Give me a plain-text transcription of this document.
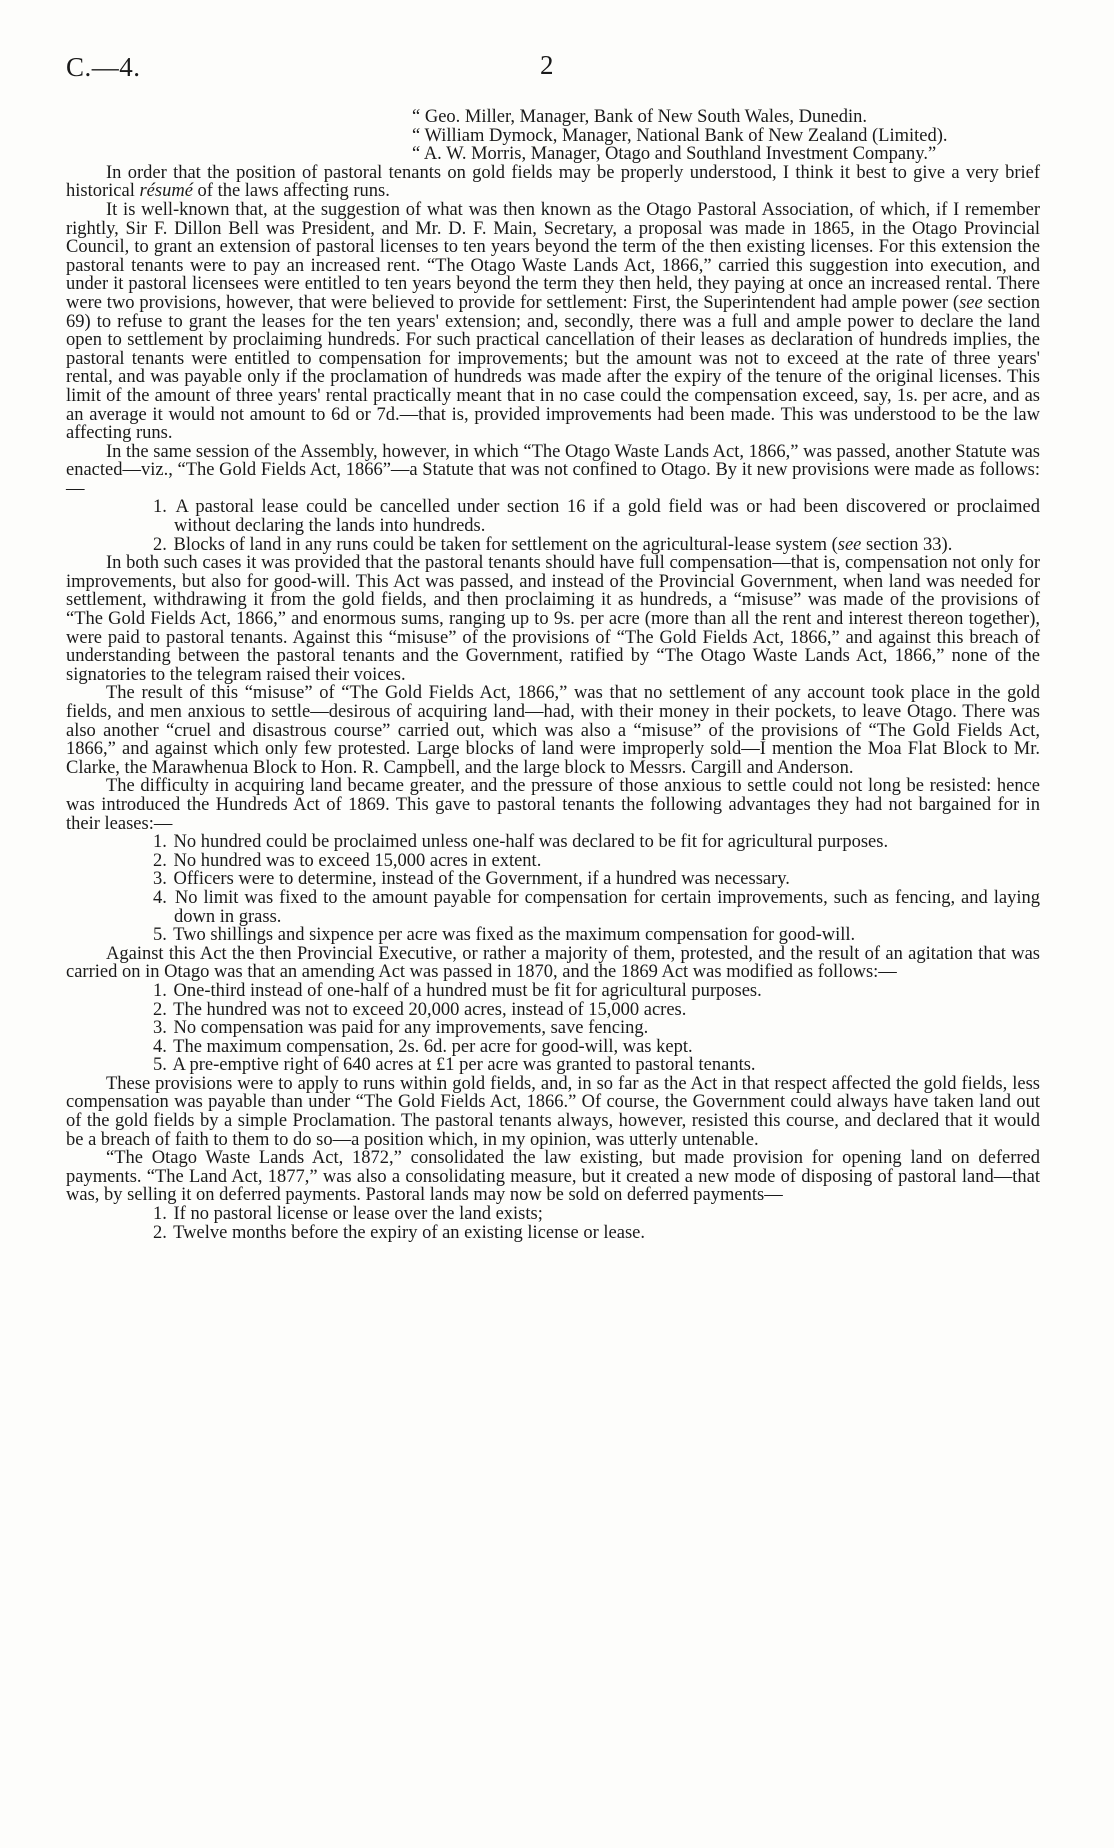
C.—4.	2

“ Geo. Miller, Manager, Bank of New South Wales, Dunedin.

“ William Dymock, Manager, National Bank of New Zealand (Limited).

“ A. W. Morris, Manager, Otago and Southland Investment Company.”

In order that the position of pastoral tenants on gold fields may be properly understood, I think it best to give a very brief historical résumé of the laws affecting runs.

It is well-known that, at the suggestion of what was then known as the Otago Pastoral Association, of which, if I remember rightly, Sir F. Dillon Bell was President, and Mr. D. F. Main, Secretary, a proposal was made in 1865, in the Otago Provincial Council, to grant an extension of pastoral licenses to ten years beyond the term of the then existing licenses. For this extension the pastoral tenants were to pay an increased rent. “The Otago Waste Lands Act, 1866,” carried this suggestion into execution, and under it pastoral licensees were entitled to ten years beyond the term they then held, they paying at once an increased rental. There were two provisions, however, that were believed to provide for settlement: First, the Superintendent had ample power (see section 69) to refuse to grant the leases for the ten years' extension; and, secondly, there was a full and ample power to declare the land open to settlement by proclaiming hundreds. For such practical cancellation of their leases as declaration of hundreds implies, the pastoral tenants were entitled to compensation for improvements; but the amount was not to exceed at the rate of three years' rental, and was payable only if the proclamation of hundreds was made after the expiry of the tenure of the original licenses. This limit of the amount of three years' rental practically meant that in no case could the compensation exceed, say, 1s. per acre, and as an average it would not amount to 6d or 7d.—that is, provided improvements had been made. This was understood to be the law affecting runs.

In the same session of the Assembly, however, in which “The Otago Waste Lands Act, 1866,” was passed, another Statute was enacted—viz., “The Gold Fields Act, 1866”—a Statute that was not confined to Otago. By it new provisions were made as follows:—

1. A pastoral lease could be cancelled under section 16 if a gold field was or had been discovered or proclaimed without declaring the lands into hundreds.

2. Blocks of land in any runs could be taken for settlement on the agricultural-lease system (see section 33).

In both such cases it was provided that the pastoral tenants should have full compensation—that is, compensation not only for improvements, but also for good-will. This Act was passed, and instead of the Provincial Government, when land was needed for settlement, withdrawing it from the gold fields, and then proclaiming it as hundreds, a “misuse” was made of the provisions of “The Gold Fields Act, 1866,” and enormous sums, ranging up to 9s. per acre (more than all the rent and interest thereon together), were paid to pastoral tenants. Against this “misuse” of the provisions of “The Gold Fields Act, 1866,” and against this breach of understanding between the pastoral tenants and the Government, ratified by “The Otago Waste Lands Act, 1866,” none of the signatories to the telegram raised their voices.

The result of this “misuse” of “The Gold Fields Act, 1866,” was that no settlement of any account took place in the gold fields, and men anxious to settle—desirous of acquiring land—had, with their money in their pockets, to leave Otago. There was also another “cruel and disastrous course” carried out, which was also a “misuse” of the provisions of “The Gold Fields Act, 1866,” and against which only few protested. Large blocks of land were improperly sold—I mention the Moa Flat Block to Mr. Clarke, the Marawhenua Block to Hon. R. Campbell, and the large block to Messrs. Cargill and Anderson.

The difficulty in acquiring land became greater, and the pressure of those anxious to settle could not long be resisted: hence was introduced the Hundreds Act of 1869. This gave to pastoral tenants the following advantages they had not bargained for in their leases:—

1. No hundred could be proclaimed unless one-half was declared to be fit for agricultural purposes.

2. No hundred was to exceed 15,000 acres in extent.

3. Officers were to determine, instead of the Government, if a hundred was necessary.

4. No limit was fixed to the amount payable for compensation for certain improvements, such as fencing, and laying down in grass.

5. Two shillings and sixpence per acre was fixed as the maximum compensation for good-will.

Against this Act the then Provincial Executive, or rather a majority of them, protested, and the result of an agitation that was carried on in Otago was that an amending Act was passed in 1870, and the 1869 Act was modified as follows:—

1. One-third instead of one-half of a hundred must be fit for agricultural purposes.

2. The hundred was not to exceed 20,000 acres, instead of 15,000 acres.

3. No compensation was paid for any improvements, save fencing.

4. The maximum compensation, 2s. 6d. per acre for good-will, was kept.

5. A pre-emptive right of 640 acres at £1 per acre was granted to pastoral tenants.

These provisions were to apply to runs within gold fields, and, in so far as the Act in that respect affected the gold fields, less compensation was payable than under “The Gold Fields Act, 1866.” Of course, the Government could always have taken land out of the gold fields by a simple Proclamation. The pastoral tenants always, however, resisted this course, and declared that it would be a breach of faith to them to do so—a position which, in my opinion, was utterly untenable.

“The Otago Waste Lands Act, 1872,” consolidated the law existing, but made provision for opening land on deferred payments. “The Land Act, 1877,” was also a consolidating measure, but it created a new mode of disposing of pastoral land—that was, by selling it on deferred payments. Pastoral lands may now be sold on deferred payments—

1. If no pastoral license or lease over the land exists;

2. Twelve months before the expiry of an existing license or lease.
